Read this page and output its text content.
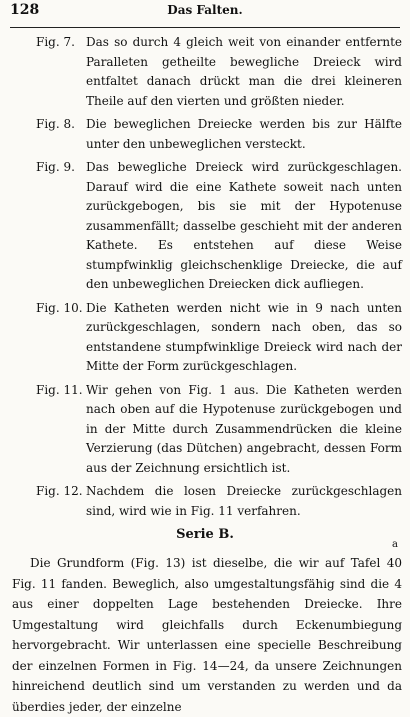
128	Das Falten.
Fig. 7. Das so durch 4 gleich weit von einander entfernte Paralleten getheilte bewegliche Dreieck wird entfaltet danach drückt man die drei kleineren Theile auf den vierten und größten nieder.
Fig. 8. Die beweglichen Dreiecke werden bis zur Hälfte unter den unbeweglichen versteckt.
Fig. 9. Das bewegliche Dreieck wird zurückgeschlagen. Darauf wird die eine Kathete soweit nach unten zurückgebogen, bis sie mit der Hypotenuse zusammenfällt; dasselbe geschieht mit der anderen Kathete. Es entstehen auf diese Weise stumpfwinklig gleichschenklige Dreiecke, die auf den unbeweglichen Dreiecken dick aufliegen.
Fig. 10. Die Katheten werden nicht wie in 9 nach unten zurückgeschlagen, sondern nach oben, das so entstandene stumpfwinklige Dreieck wird nach der Mitte der Form zurückgeschlagen.
Fig. 11. Wir gehen von Fig. 1 aus. Die Katheten werden nach oben auf die Hypotenuse zurückgebogen und in der Mitte durch Zusammendrücken die kleine Verzierung (das Dütchen) angebracht, dessen Form aus der Zeichnung ersichtlich ist.
Fig. 12. Nachdem die losen Dreiecke zurückgeschlagen sind, wird wie in Fig. 11 verfahren.
Serie B.
a
Die Grundform (Fig. 13) ist dieselbe, die wir auf Tafel 40 Fig. 11 fanden. Beweglich, also umgestaltungsfähig sind die 4 aus einer doppelten Lage bestehenden Dreiecke. Ihre Umgestaltung wird gleichfalls durch Eckenumbiegung hervorgebracht. Wir unterlassen eine specielle Beschreibung der einzelnen Formen in Fig. 14—24, da unsere Zeichnungen hinreichend deutlich sind um verstanden zu werden und da überdies jeder, der einzelne
